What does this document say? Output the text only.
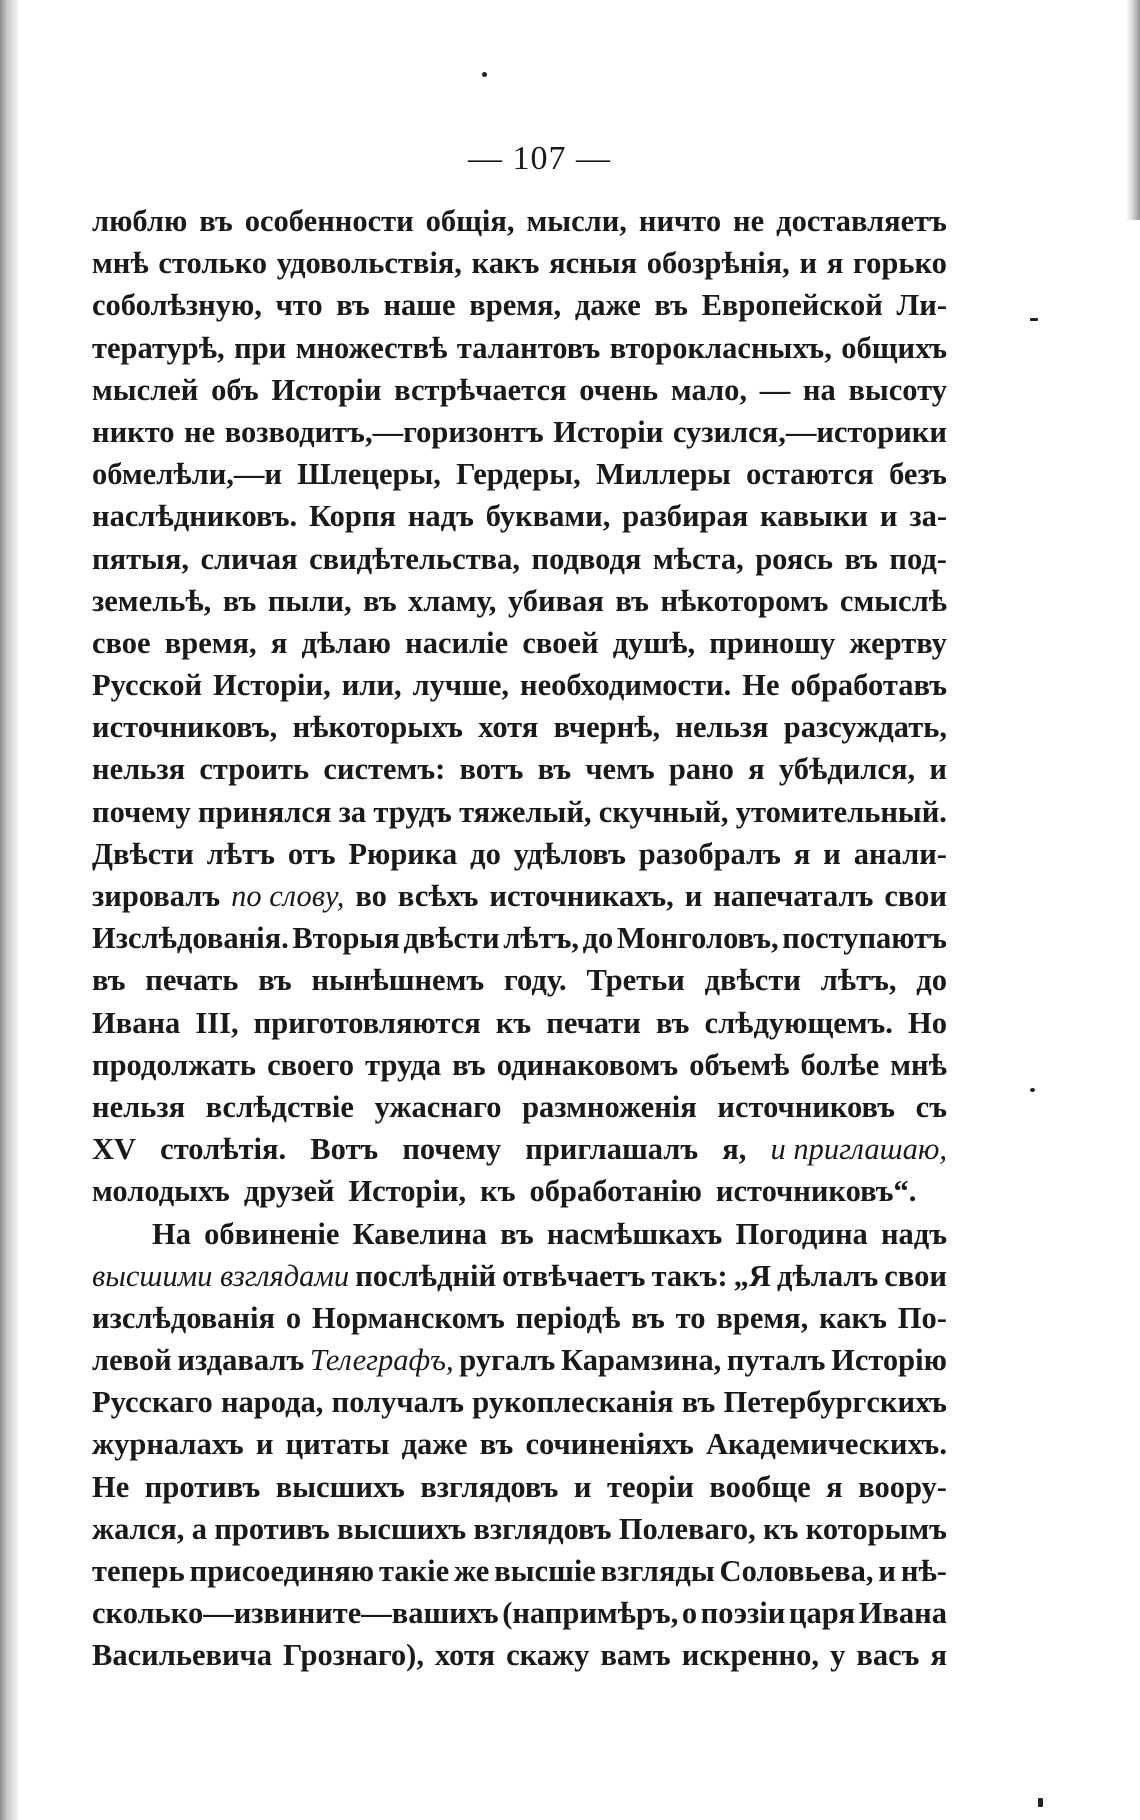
— 107 —
люблю въ особенности общія, мысли, ничто не доставляетъ
мнѣ столько удовольствія, какъ ясныя обозрѣнія, и я горько
соболѣзную, что въ наше время, даже въ Европейской Ли-
тературѣ, при множествѣ талантовъ второкласныхъ, общихъ
мыслей объ Исторіи встрѣчается очень мало, — на высоту
никто не возводитъ,—горизонтъ Исторіи сузился,—историки
обмелѣли,—и Шлецеры, Гердеры, Миллеры остаются безъ
наслѣдниковъ. Корпя надъ буквами, разбирая кавыки и за-
пятыя, сличая свидѣтельства, подводя мѣста, роясь въ под-
земельѣ, въ пыли, въ хламу, убивая въ нѣкоторомъ смыслѣ
свое время, я дѣлаю насиліе своей душѣ, приношу жертву
Русской Исторіи, или, лучше, необходимости. Не обработавъ
источниковъ, нѣкоторыхъ хотя вчернѣ, нельзя разсуждать,
нельзя строить системъ: вотъ въ чемъ рано я убѣдился, и
почему принялся за трудъ тяжелый, скучный, утомительный.
Двѣсти лѣтъ отъ Рюрика до удѣловъ разобралъ я и анали-
зировалъ по словy, во всѣхъ источникахъ, и напечаталъ свои
Изслѣдованія. Вторыя двѣсти лѣтъ, до Монголовъ, поступаютъ
въ печать въ нынѣшнемъ году. Третьи двѣсти лѣтъ, до
Ивана III, приготовляются къ печати въ слѣдующемъ. Но
продолжать своего труда въ одинаковомъ объемѣ болѣе мнѣ
нельзя вслѣдствіе ужаснаго размноженія источниковъ съ
XV столѣтія. Вотъ почему приглашалъ я, и приглашаю,
молодыхъ друзей Исторіи, къ обработанію источниковъ“.
На обвиненіе Кавелина въ насмѣшкахъ Погодина надъ
высшими взглядами послѣдній отвѣчаетъ такъ: „Я дѣлалъ свои
изслѣдованія о Норманскомъ періодѣ въ то время, какъ По-
левой издавалъ Телеграфъ, ругалъ Карамзина, путалъ Исторію
Русскаго народа, получалъ рукоплесканія въ Петербургскихъ
журналахъ и цитаты даже въ сочиненіяхъ Академическихъ.
Не противъ высшихъ взглядовъ и теоріи вообще я воору-
жался, а противъ высшихъ взглядовъ Полеваго, къ которымъ
теперь присоединяю такіе же высшіе взгляды Соловьева, и нѣ-
сколько—извините—вашихъ (напримѣръ, о поэзіи царя Ивана
Васильевича Грознаго), хотя скажу вамъ искренно, у васъ я
